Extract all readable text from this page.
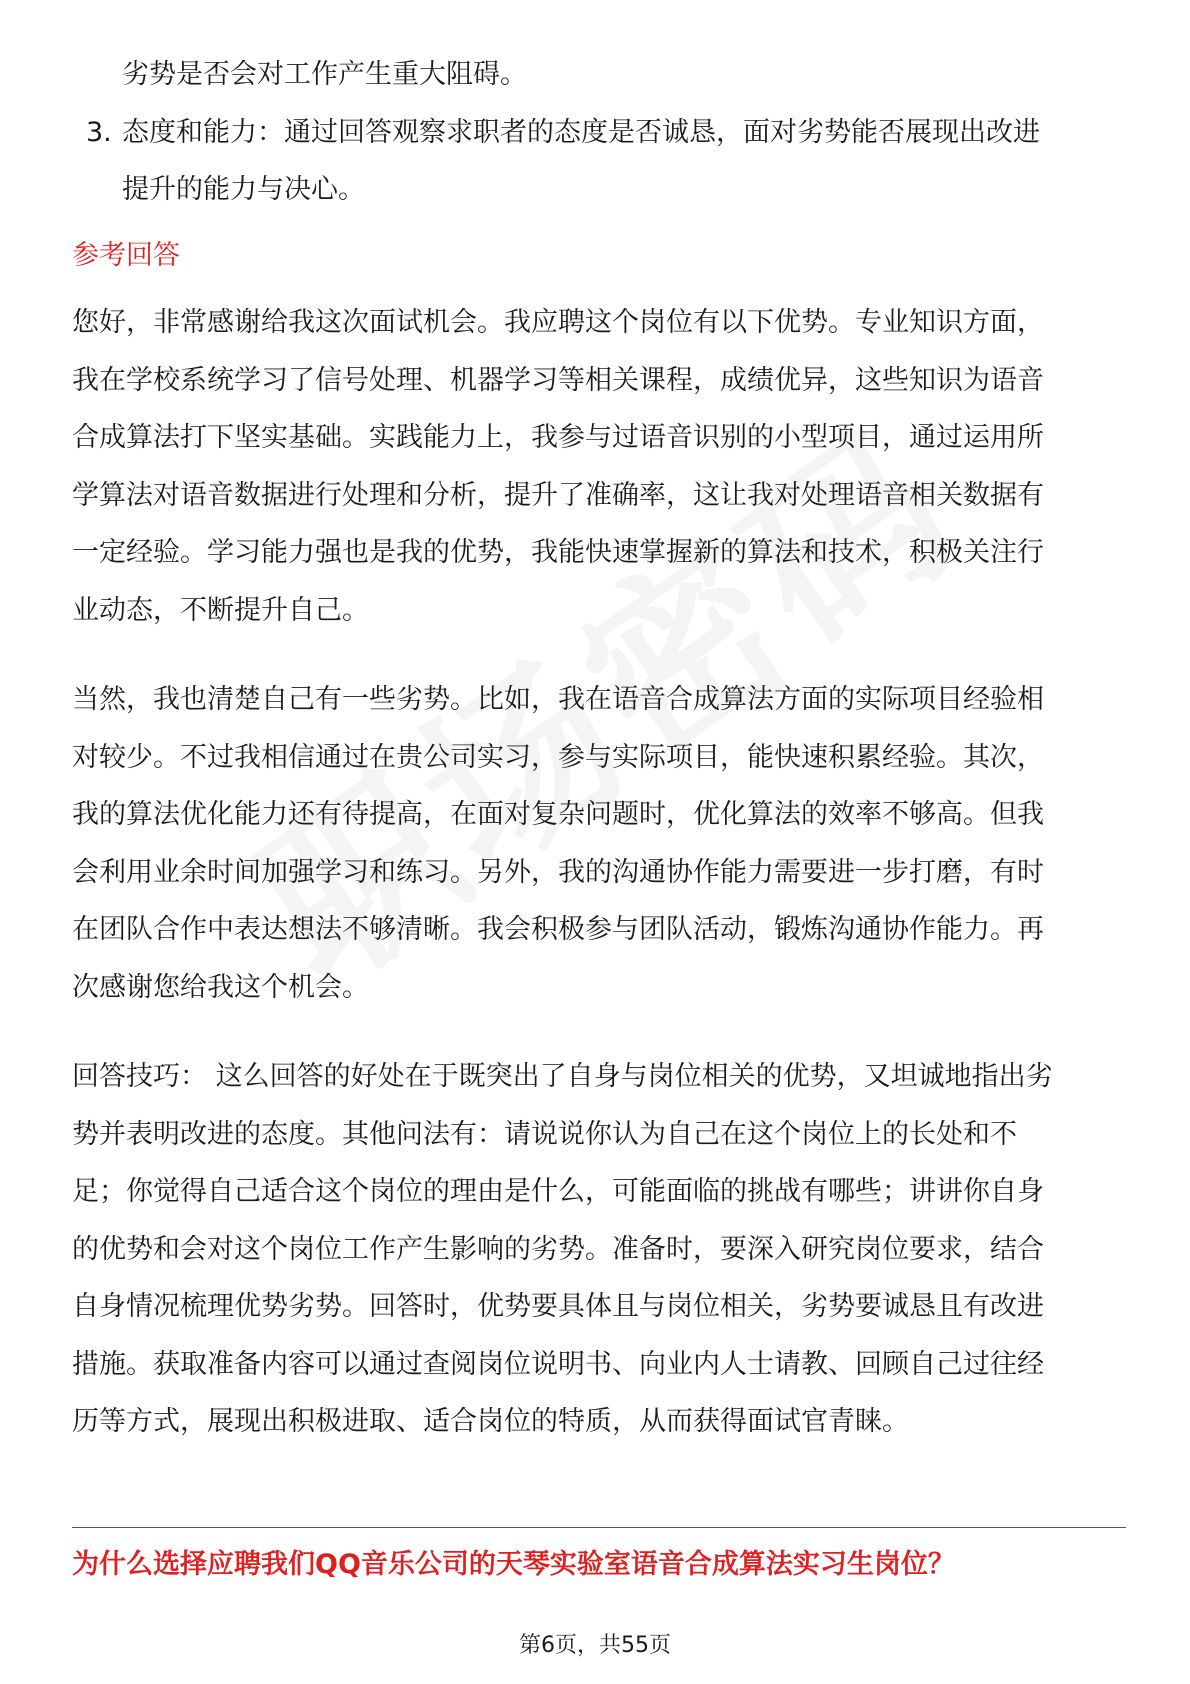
劣势是否会对工作产生重大阻碍。
3. 态度和能力：通过回答观察求职者的态度是否诚恳，面对劣势能否展现出改进
提升的能力与决心。
参考回答
您好，非常感谢给我这次面试机会。我应聘这个岗位有以下优势。专业知识方面，
我在学校系统学习了信号处理、机器学习等相关课程，成绩优异，这些知识为语音
合成算法打下坚实基础。实践能力上，我参与过语音识别的小型项目，通过运用所
学算法对语音数据进行处理和分析，提升了准确率，这让我对处理语音相关数据有
一定经验。学习能力强也是我的优势，我能快速掌握新的算法和技术，积极关注行
业动态，不断提升自己。
当然，我也清楚自己有一些劣势。比如，我在语音合成算法方面的实际项目经验相
对较少。不过我相信通过在贵公司实习，参与实际项目，能快速积累经验。其次，
我的算法优化能力还有待提高，在面对复杂问题时，优化算法的效率不够高。但我
会利用业余时间加强学习和练习。另外，我的沟通协作能力需要进一步打磨，有时
在团队合作中表达想法不够清晰。我会积极参与团队活动，锻炼沟通协作能力。再
次感谢您给我这个机会。
回答技巧： 这么回答的好处在于既突出了自身与岗位相关的优势，又坦诚地指出劣
势并表明改进的态度。其他问法有：请说说你认为自己在这个岗位上的长处和不
足；你觉得自己适合这个岗位的理由是什么，可能面临的挑战有哪些；讲讲你自身
的优势和会对这个岗位工作产生影响的劣势。准备时，要深入研究岗位要求，结合
自身情况梳理优势劣势。回答时，优势要具体且与岗位相关，劣势要诚恳且有改进
措施。获取准备内容可以通过查阅岗位说明书、向业内人士请教、回顾自己过往经
历等方式，展现出积极进取、适合岗位的特质，从而获得面试官青睐。
为什么选择应聘我们QQ音乐公司的天琴实验室语音合成算法实习生岗位？
第6页，共55页
